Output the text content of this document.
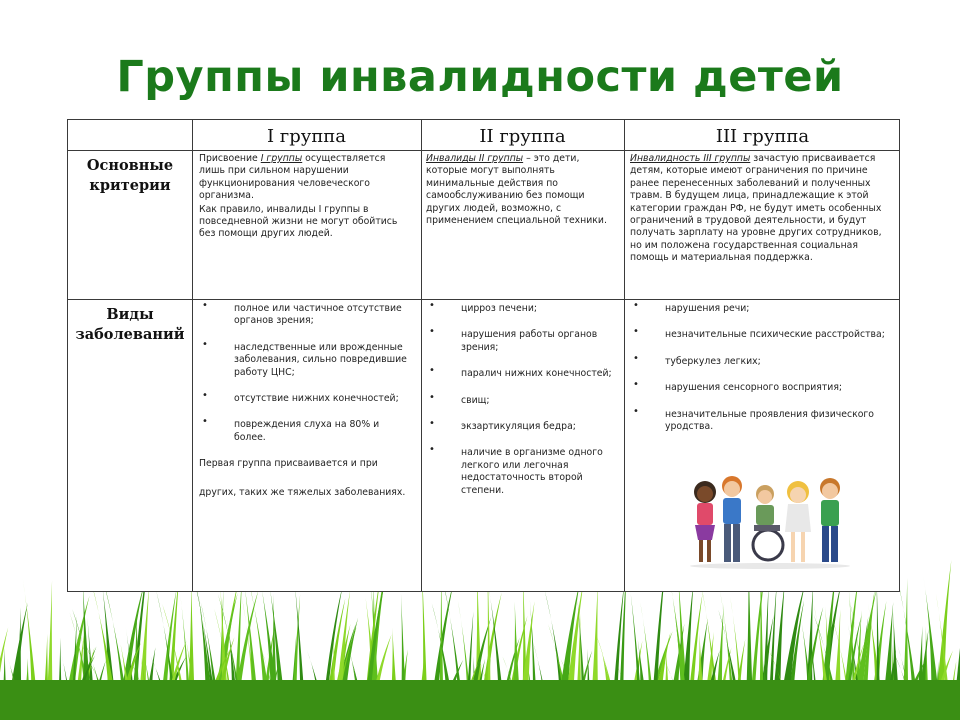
Группы инвалидности детей
I группа	II группа	III группа
Основные
критерии
Виды
заболеваний

Присвоение I группы осуществляется лишь при сильном нарушении функционирования человеческого организма.

Как правило, инвалиды I группы в повседневной жизни не могут обойтись без помощи других людей.

Инвалиды II группы – это дети, которые могут выполнять минимальные действия по самообслуживанию без помощи других людей, возможно, с применением специальной техники.
Инвалидность III группы зачастую присваивается детям, которые имеют ограничения по причине ранее перенесенных заболеваний и полученных травм. В будущем лица, принадлежащие к этой категории граждан РФ, не будут иметь особенных ограничений в трудовой деятельности, и будут получать зарплату на уровне других сотрудников, но им положена государственная социальная помощь и материальная поддержка.
• полное или частичное отсутствие органов зрения;
• наследственные или врожденные заболевания, сильно повредившие работу ЦНС;
• отсутствие нижних конечностей;
• повреждения слуха на 80% и более.

Первая группа присваивается и при

других, таких же тяжелых заболеваниях.

• цирроз печени;
• нарушения работы органов зрения;
• паралич нижних конечностей;
• свищ;
• экзартикуляция бедра;
• наличие в организме одного легкого или легочная недостаточность второй степени.
• нарушения речи;
• незначительные психические расстройства;
• туберкулез легких;
• нарушения сенсорного восприятия;
• незначительные проявления физического уродства.
